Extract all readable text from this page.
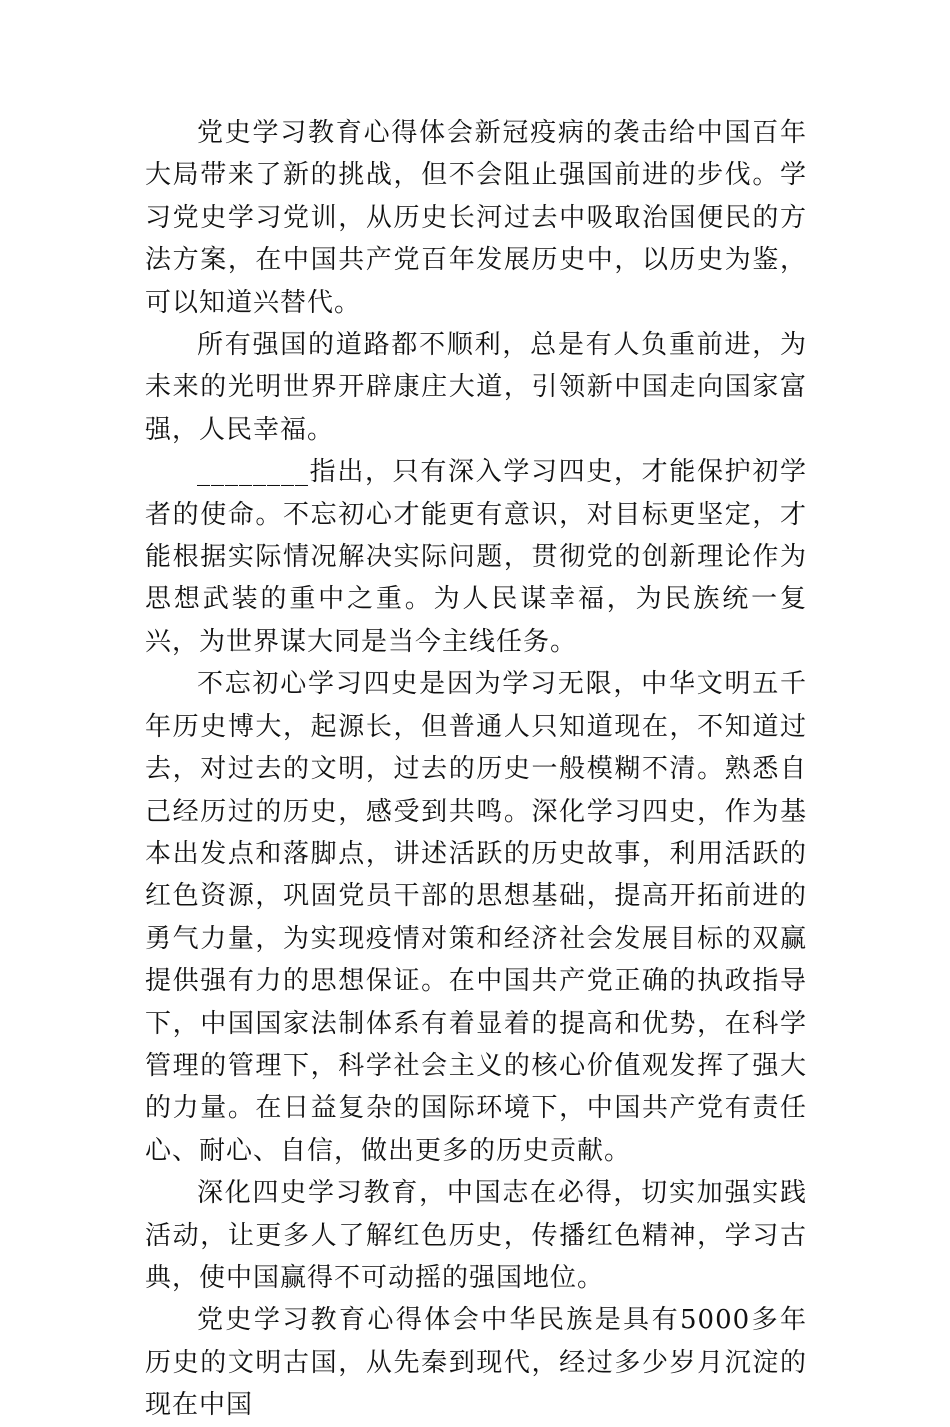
党史学习教育心得体会新冠疫病的袭击给中国百年大局带来了新的挑战，但不会阻止强国前进的步伐。学习党史学习党训，从历史长河过去中吸取治国便民的方法方案，在中国共产党百年发展历史中，以历史为鉴，可以知道兴替代。

所有强国的道路都不顺利，总是有人负重前进，为未来的光明世界开辟康庄大道，引领新中国走向国家富强，人民幸福。

________指出，只有深入学习四史，才能保护初学者的使命。不忘初心才能更有意识，对目标更坚定，才能根据实际情况解决实际问题，贯彻党的创新理论作为思想武装的重中之重。为人民谋幸福，为民族统一复兴，为世界谋大同是当今主线任务。

不忘初心学习四史是因为学习无限，中华文明五千年历史博大，起源长，但普通人只知道现在，不知道过去，对过去的文明，过去的历史一般模糊不清。熟悉自己经历过的历史，感受到共鸣。深化学习四史，作为基本出发点和落脚点，讲述活跃的历史故事，利用活跃的红色资源，巩固党员干部的思想基础，提高开拓前进的勇气力量，为实现疫情对策和经济社会发展目标的双赢提供强有力的思想保证。在中国共产党正确的执政指导下，中国国家法制体系有着显着的提高和优势，在科学管理的管理下，科学社会主义的核心价值观发挥了强大的力量。在日益复杂的国际环境下，中国共产党有责任心、耐心、自信，做出更多的历史贡献。

深化四史学习教育，中国志在必得，切实加强实践活动，让更多人了解红色历史，传播红色精神，学习古典，使中国赢得不可动摇的强国地位。

党史学习教育心得体会中华民族是具有5000多年历史的文明古国，从先秦到现代，经过多少岁月沉淀的现在中国
